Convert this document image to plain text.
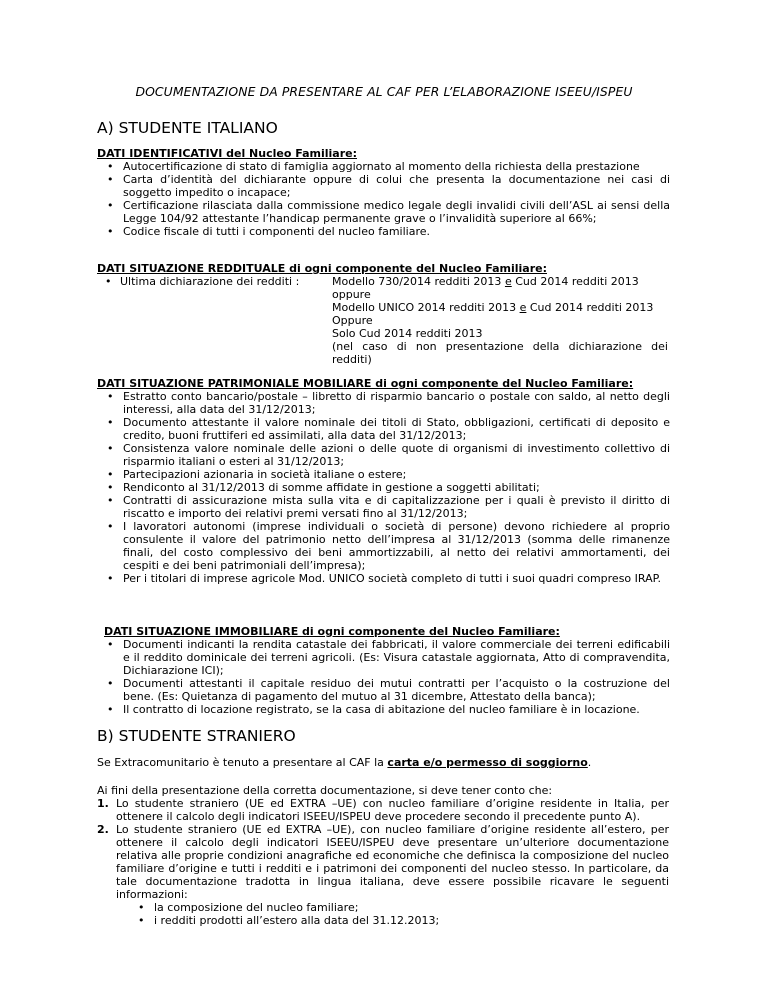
DOCUMENTAZIONE DA PRESENTARE AL CAF PER L’ELABORAZIONE ISEEU/ISPEU
A) STUDENTE ITALIANO
DATI IDENTIFICATIVI del Nucleo Familiare:
• Autocertificazione di stato di famiglia aggiornato al momento della richiesta della prestazione
• Carta d’identità del dichiarante oppure di colui che presenta la documentazione nei casi di soggetto impedito o incapace;
• Certificazione rilasciata dalla commissione medico legale degli invalidi civili dell’ASL ai sensi della Legge 104/92 attestante l’handicap permanente grave o l’invalidità superiore al 66%;
• Codice fiscale di tutti i componenti del nucleo familiare.
DATI SITUAZIONE REDDITUALE di ogni componente del Nucleo Familiare:
• Ultima dichiarazione dei redditi :	Modello 730/2014 redditi 2013 e Cud 2014 redditi 2013
oppure
Modello UNICO 2014 redditi 2013 e Cud 2014 redditi 2013
Oppure
Solo Cud 2014 redditi 2013
(nel caso di non presentazione della dichiarazione dei redditi)
DATI SITUAZIONE PATRIMONIALE MOBILIARE di ogni componente del Nucleo Familiare:
• Estratto conto bancario/postale – libretto di risparmio bancario o postale con saldo, al netto degli interessi, alla data del 31/12/2013;
• Documento attestante il valore nominale dei titoli di Stato, obbligazioni, certificati di deposito e credito, buoni fruttiferi ed assimilati, alla data del 31/12/2013;
• Consistenza valore nominale delle azioni o delle quote di organismi di investimento collettivo di risparmio italiani o esteri al 31/12/2013;
• Partecipazioni azionaria in società italiane o estere;
• Rendiconto al 31/12/2013 di somme affidate in gestione a soggetti abilitati;
• Contratti di assicurazione mista sulla vita e di capitalizzazione per i quali è previsto il diritto di riscatto e importo dei relativi premi versati fino al 31/12/2013;
• I lavoratori autonomi (imprese individuali o società di persone) devono richiedere al proprio consulente il valore del patrimonio netto dell’impresa al 31/12/2013 (somma delle rimanenze finali, del costo complessivo dei beni ammortizzabili, al netto dei relativi ammortamenti, dei cespiti e dei beni patrimoniali dell’impresa);
• Per i titolari di imprese agricole Mod. UNICO società completo di tutti i suoi quadri compreso IRAP.
DATI SITUAZIONE IMMOBILIARE di ogni componente del Nucleo Familiare:
• Documenti indicanti la rendita catastale dei fabbricati, il valore commerciale dei terreni edificabili e il reddito dominicale dei terreni agricoli. (Es: Visura catastale aggiornata, Atto di compravendita, Dichiarazione ICI);
• Documenti attestanti il capitale residuo dei mutui contratti per l’acquisto o la costruzione del bene. (Es: Quietanza di pagamento del mutuo al 31 dicembre, Attestato della banca);
• Il contratto di locazione registrato, se la casa di abitazione del nucleo familiare è in locazione.
B) STUDENTE STRANIERO
Se Extracomunitario è tenuto a presentare al CAF la carta e/o permesso di soggiorno.
Ai fini della presentazione della corretta documentazione, si deve tener conto che:
1. Lo studente straniero (UE ed EXTRA –UE) con nucleo familiare d’origine residente in Italia, per ottenere il calcolo degli indicatori ISEEU/ISPEU deve procedere secondo il precedente punto A).
2. Lo studente straniero (UE ed EXTRA –UE), con nucleo familiare d’origine residente all’estero, per ottenere il calcolo degli indicatori ISEEU/ISPEU deve presentare un’ulteriore documentazione relativa alle proprie condizioni anagrafiche ed economiche che definisca la composizione del nucleo familiare d’origine e tutti i redditi e i patrimoni dei componenti del nucleo stesso. In particolare, da tale documentazione tradotta in lingua italiana, deve essere possibile ricavare le seguenti informazioni:
• la composizione del nucleo familiare;
• i redditi prodotti all’estero alla data del 31.12.2013;
